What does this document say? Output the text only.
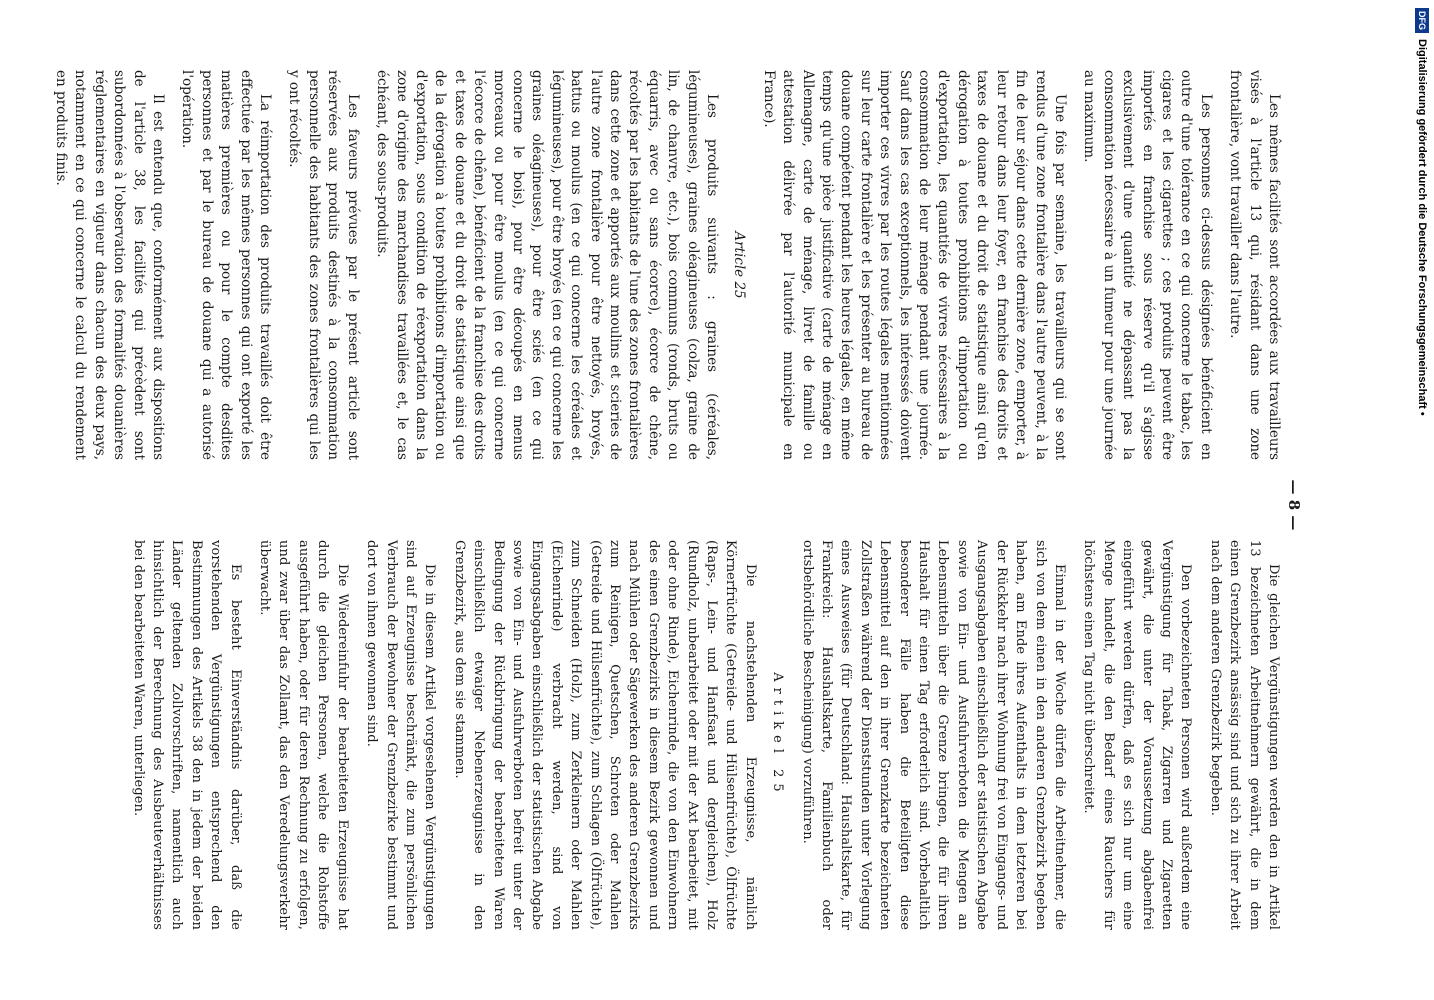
— 8 —

Les mêmes facilités sont accordées aux travailleurs visés à l'article 13 qui, résidant dans une zone frontalière, vont travailler dans l'autre.

Les personnes ci-dessus désignées bénéficient en outre d'une tolérance en ce qui concerne le tabac, les cigares et les cigarettes ; ces produits peuvent être importés en franchise sous réserve qu'il s'agisse exclusivement d'une quantité ne dépassant pas la consommation nécessaire à un fumeur pour une journée au maximum.

Une fois par semaine, les travailleurs qui se sont rendus d'une zone frontalière dans l'autre peuvent, à la fin de leur séjour dans cette dernière zone, emporter, à leur retour dans leur foyer, en franchise des droits et taxes de douane et du droit de statistique ainsi qu'en dérogation à toutes prohibitions d'importation ou d'exportation, les quantités de vivres nécessaires à la consommation de leur ménage pendant une journée. Sauf dans les cas exceptionnels, les intéressés doivent importer ces vivres par les routes légales mentionnées sur leur carte frontalière et les présenter au bureau de douane compétent pendant les heures légales, en même temps qu'une pièce justificative (carte de ménage en Allemagne, carte de ménage, livret de famille ou attestation délivrée par l'autorité municipale en France).

Article 25

Les produits suivants : graines (céréales, légumineuses), graines oléagineuses (colza, graine de lin, de chanvre, etc.), bois communs (ronds, bruts ou équarris, avec ou sans écorce), écorce de chêne, récoltés par les habitants de l'une des zones frontalières dans cette zone et apportés aux moulins et scieries de l'autre zone frontalière pour être nettoyés, broyés, battus ou moulus (en ce qui concerne les céréales et légumineuses), pour être broyés (en ce qui concerne les graines oléagineuses), pour être sciés (en ce qui concerne le bois), pour être découpés en menus morceaux ou pour être moulus (en ce qui concerne l'écorce de chêne), bénéficient de la franchise des droits et taxes de douane et du droit de statistique ainsi que de la dérogation à toutes prohibitions d'importation ou d'exportation, sous condition de réexportation dans la zone d'origine des marchandises travaillées et, le cas échéant, des sous-produits.

Les faveurs prévues par le présent article sont réservées aux produits destinés à la consommation personnelle des habitants des zones frontalières qui les y ont récoltés.

La réimportation des produits travaillés doit être effectuée par les mêmes personnes qui ont exporté les matières premières ou pour le compte desdites personnes et par le bureau de douane qui a autorisé l'opération.

Il est entendu que, conformément aux dispositions de l'article 38, les facilités qui précèdent sont subordonnées à l'observation des formalités douanières réglementaires en vigueur dans chacun des deux pays, notamment en ce qui concerne le calcul du rendement en produits finis.

Die gleichen Vergünstigungen werden den in Artikel 13 bezeichneten Arbeitnehmern gewährt, die in dem einen Grenzbezirk ansässig sind und sich zu ihrer Arbeit nach dem anderen Grenzbezirk begeben.

Den vorbezeichneten Personen wird außerdem eine Vergünstigung für Tabak, Zigarren und Zigaretten gewährt, die unter der Voraussetzung abgabenfrei eingeführt werden dürfen, daß es sich nur um eine Menge handelt, die den Bedarf eines Rauchers für höchstens einen Tag nicht überschreitet.

Einmal in der Woche dürfen die Arbeitnehmer, die sich von dem einen in den anderen Grenzbezirk begeben haben, am Ende ihres Aufenthalts in dem letzteren bei der Rückkehr nach ihrer Wohnung frei von Eingangs- und Ausgangsabgaben einschließlich der statistischen Abgabe sowie von Ein- und Ausfuhrverboten die Mengen an Lebensmitteln über die Grenze bringen, die für ihren Haushalt für einen Tag erforderlich sind. Vorbehaltlich besonderer Fälle haben die Beteiligten diese Lebensmittel auf den in ihrer Grenzkarte bezeichneten Zollstraßen während der Dienststunden unter Vorlegung eines Ausweises (für Deutschland: Haushaltskarte, für Frankreich: Haushaltskarte, Familienbuch oder ortsbehördliche Bescheinigung) vorzuführen.

Artikel 25

Die nachstehenden Erzeugnisse, nämlich Körnerfrüchte (Getreide- und Hülsenfrüchte), Ölfrüchte (Raps-, Lein- und Hanfsaat und dergleichen), Holz (Rundholz, unbearbeitet oder mit der Axt bearbeitet, mit oder ohne Rinde), Eichenrinde, die von den Einwohnern des einen Grenzbezirks in diesem Bezirk gewonnen und nach Mühlen oder Sägewerken des anderen Grenzbezirks zum Reinigen, Quetschen, Schroten oder Mahlen (Getreide und Hülsenfrüchte), zum Schlagen (Ölfrüchte), zum Schneiden (Holz), zum Zerkleinern oder Mahlen (Eichenrinde) verbracht werden, sind von Eingangsabgaben einschließlich der statistischen Abgabe sowie von Ein- und Ausfuhrverboten befreit unter der Bedingung der Rückbringung der bearbeiteten Waren einschließlich etwaiger Nebenerzeugnisse in den Grenzbezirk, aus dem sie stammen.

Die in diesem Artikel vorgesehenen Vergünstigungen sind auf Erzeugnisse beschränkt, die zum persönlichen Verbrauch der Bewohner der Grenzbezirke bestimmt und dort von ihnen gewonnen sind.

Die Wiedereinfuhr der bearbeiteten Erzeugnisse hat durch die gleichen Personen, welche die Rohstoffe ausgeführt haben, oder für deren Rechnung zu erfolgen, und zwar über das Zollamt, das den Veredelungsverkehr überwacht.

Es besteht Einverständnis darüber, daß die vorstehenden Vergünstigungen entsprechend den Bestimmungen des Artikels 38 den in jedem der beiden Länder geltenden Zollvorschriften, namentlich auch hinsichtlich der Berechnung des Ausbeuteverhältnisses bei den bearbeiteten Waren, unterliegen.

DFGDigitalisierung gefördert durch die Deutsche Forschungsgemeinschaft •
